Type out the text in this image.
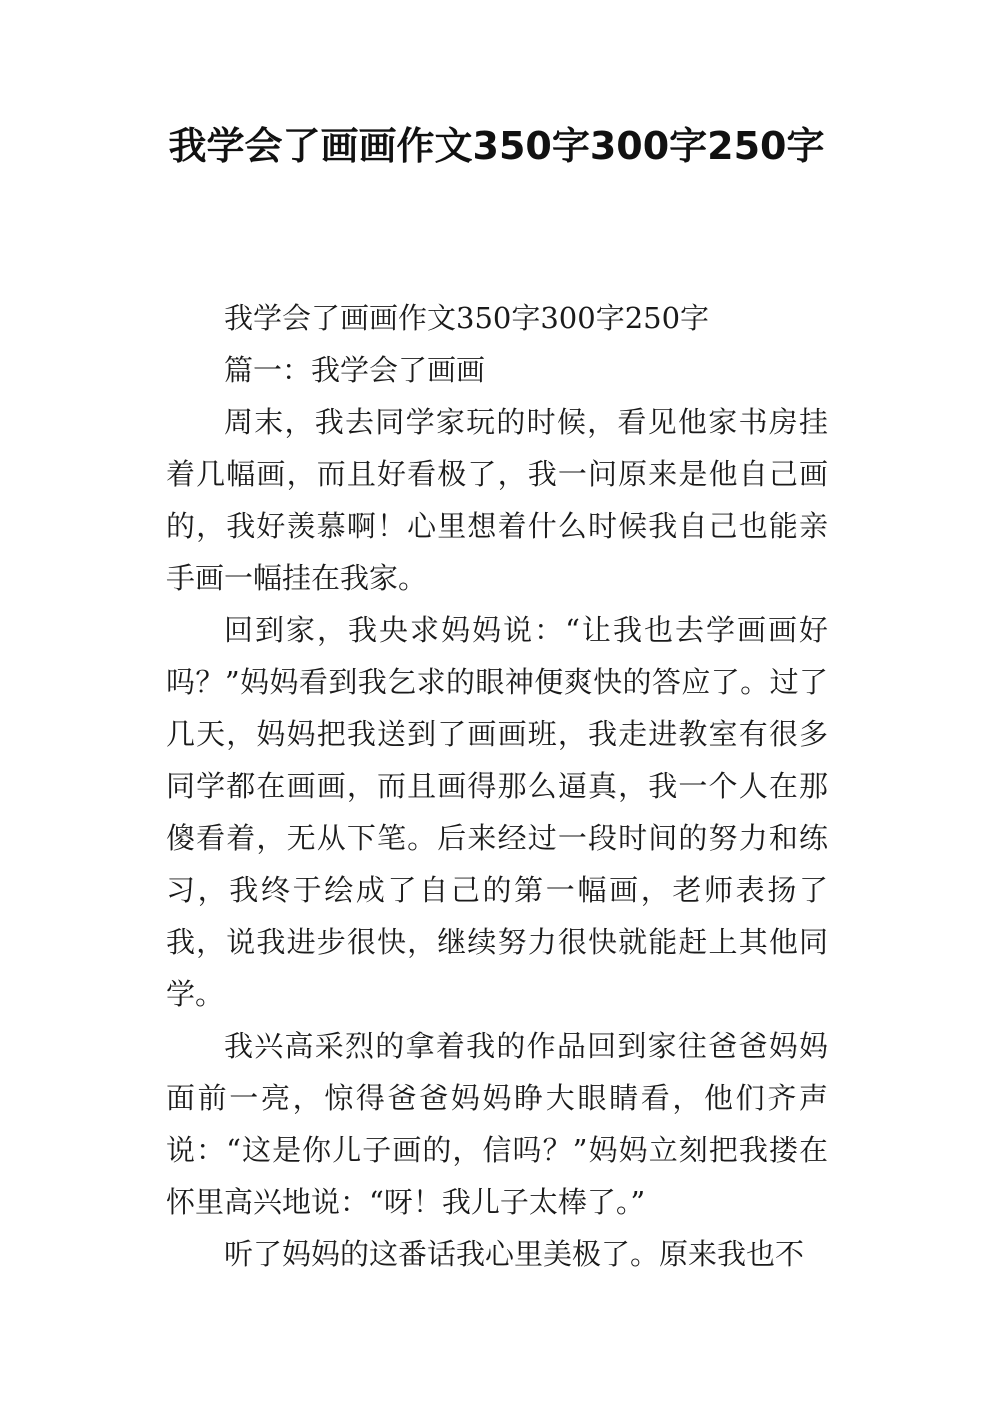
我学会了画画作文350字300字250字

我学会了画画作文350字300字250字

篇一：我学会了画画

周末，我去同学家玩的时候，看见他家书房挂着几幅画，而且好看极了，我一问原来是他自己画的，我好羡慕啊！心里想着什么时候我自己也能亲手画一幅挂在我家。

回到家，我央求妈妈说：“让我也去学画画好吗？”妈妈看到我乞求的眼神便爽快的答应了。过了几天，妈妈把我送到了画画班，我走进教室有很多同学都在画画，而且画得那么逼真，我一个人在那傻看着，无从下笔。后来经过一段时间的努力和练习，我终于绘成了自己的第一幅画，老师表扬了我，说我进步很快，继续努力很快就能赶上其他同学。

我兴高采烈的拿着我的作品回到家往爸爸妈妈面前一亮，惊得爸爸妈妈睁大眼睛看，他们齐声说：“这是你儿子画的，信吗？”妈妈立刻把我搂在怀里高兴地说：“呀！我儿子太棒了。”

听了妈妈的这番话我心里美极了。原来我也不
